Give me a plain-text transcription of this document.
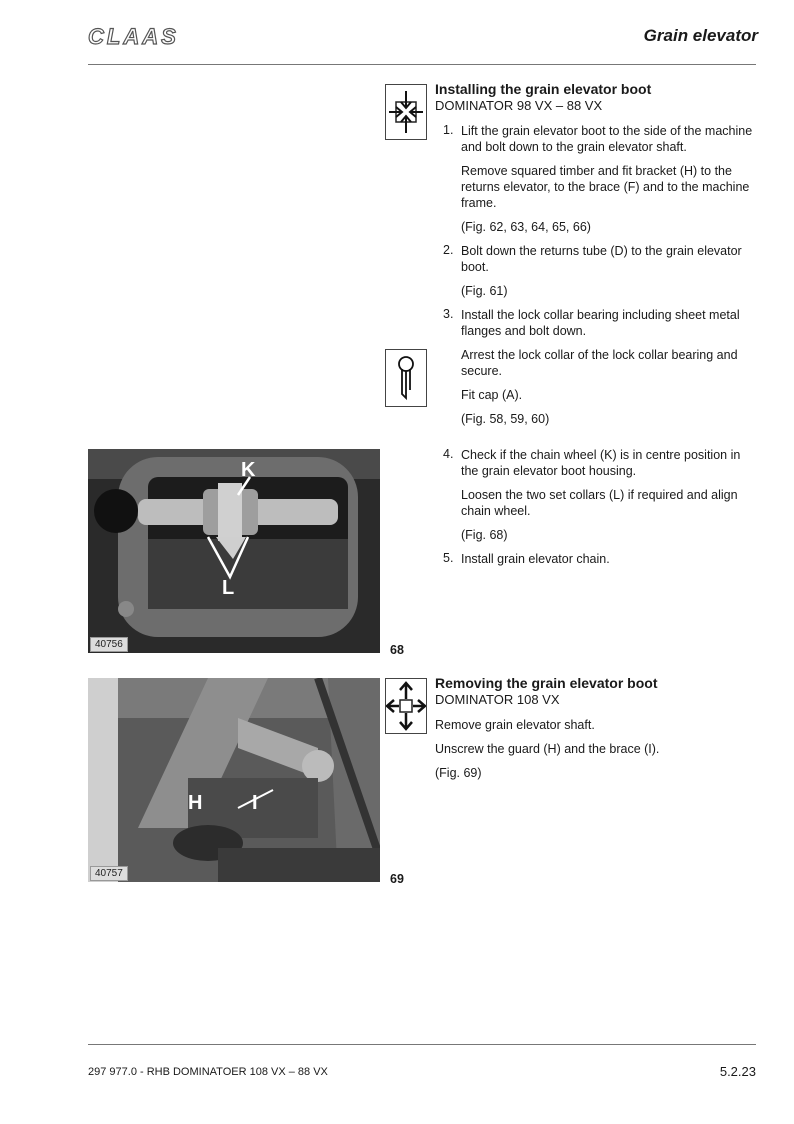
CLAAS	Grain elevator
Installing the grain elevator boot
DOMINATOR 98 VX – 88 VX
1. Lift the grain elevator boot to the side of the machine and bolt down to the grain elevator shaft.
Remove squared timber and fit bracket (H) to the returns elevator, to the brace (F) and to the machine frame.
(Fig. 62, 63, 64, 65, 66)
2. Bolt down the returns tube (D) to the grain elevator boot.
(Fig. 61)
3. Install the lock collar bearing including sheet metal flanges and bolt down.
Arrest the lock collar of the lock collar bearing and secure.
Fit cap (A).
(Fig. 58, 59, 60)
4. Check if the chain wheel (K) is in centre position in the grain elevator boot housing.
Loosen the two set collars (L) if required and align chain wheel.
(Fig. 68)
5. Install grain elevator chain.
K
L
40756	68
Removing the grain elevator boot
DOMINATOR 108 VX
Remove grain elevator shaft.
Unscrew the guard (H) and the brace (I).
(Fig. 69)
H I
40757	69
297 977.0 - RHB DOMINATOER 108 VX – 88 VX	5.2.23
